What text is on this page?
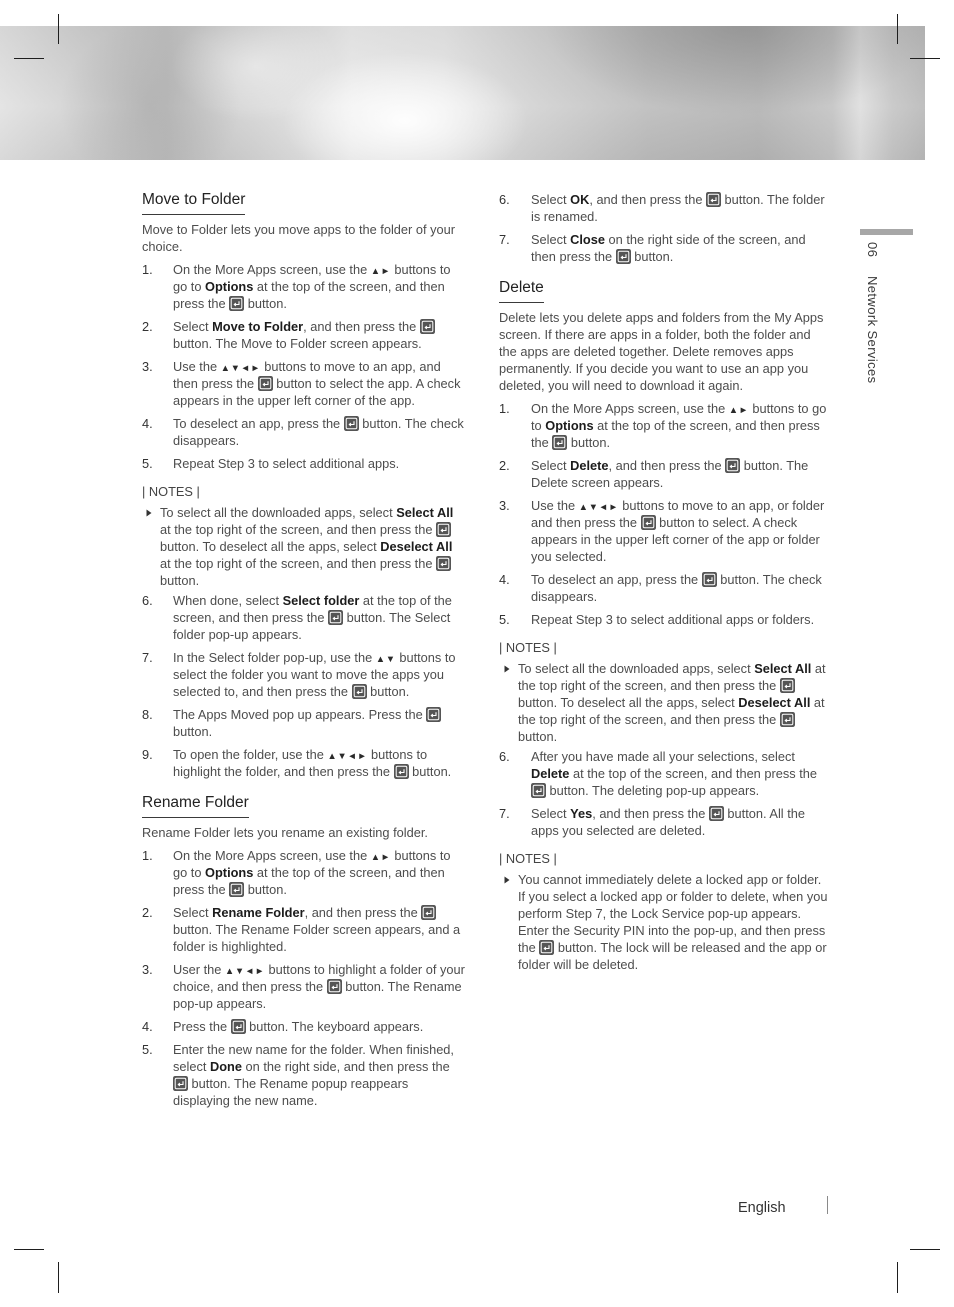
06
Network Services
Move to Folder

Move to Folder lets you move apps to the folder of your choice.

1.	On the More Apps screen, use the ▲► buttons to go to Options at the top of the screen, and then press the
button.
2.	Select Move to Folder, and then press the
button. The Move to Folder screen appears.
3.	Use the ▲▼◄► buttons to move to an app, and then press the
button to select the app. A check appears in the upper left corner of the app.
4.	To deselect an app, press the
button. The check disappears.
5.	Repeat Step 3 to select additional apps.
| NOTES |
To select all the downloaded apps, select Select All at the top right of the screen, and then press the
button. To deselect all the apps, select Deselect All at the top right of the screen, and then press the
button.
6.	When done, select Select folder at the top of the screen, and then press the
button. The Select folder pop-up appears.
7.	In the Select folder pop-up, use the ▲▼ buttons to select the folder you want to move the apps you selected to, and then press the
button.
8.	The Apps Moved pop up appears. Press the
button.
9.	To open the folder, use the ▲▼◄► buttons to highlight the folder, and then press the
button.
Rename Folder

Rename Folder lets you rename an existing folder.

1.	On the More Apps screen, use the ▲► buttons to go to Options at the top of the screen, and then press the
button.
2.	Select Rename Folder, and then press the
button. The Rename Folder screen appears, and a folder is highlighted.
3.	User the ▲▼◄► buttons to highlight a folder of your choice, and then press the
button. The Rename pop-up appears.
4.	Press the
button. The keyboard appears.
5.	Enter the new name for the folder. When finished, select Done on the right side, and then press the
button. The Rename popup reappears displaying the new name.
6.	Select OK, and then press the
button. The folder is renamed.
7.	Select Close on the right side of the screen, and then press the
button.
Delete

Delete lets you delete apps and folders from the My Apps screen. If there are apps in a folder, both the folder and the apps are deleted together. Delete removes apps permanently. If you decide you want to use an app you deleted, you will need to download it again.

1.	On the More Apps screen, use the ▲► buttons to go to Options at the top of the screen, and then press the
button.
2.	Select Delete, and then press the
button. The Delete screen appears.
3.	Use the ▲▼◄► buttons to move to an app, or folder and then press the
button to select. A check appears in the upper left corner of the app or folder you selected.
4.	To deselect an app, press the
button. The check disappears.
5.	Repeat Step 3 to select additional apps or folders.
| NOTES |
To select all the downloaded apps, select Select All at the top right of the screen, and then press the
button. To deselect all the apps, select Deselect All at the top right of the screen, and then press the
button.
6.	After you have made all your selections, select Delete at the top of the screen, and then press the
button. The deleting pop-up appears.
7.	Select Yes, and then press the
button. All the apps you selected are deleted.
| NOTES |
You cannot immediately delete a locked app or folder. If you select a locked app or folder to delete, when you perform Step 7, the Lock Service pop-up appears. Enter the Security PIN into the pop-up, and then press the
button. The lock will be released and the app or folder will be deleted.
English
